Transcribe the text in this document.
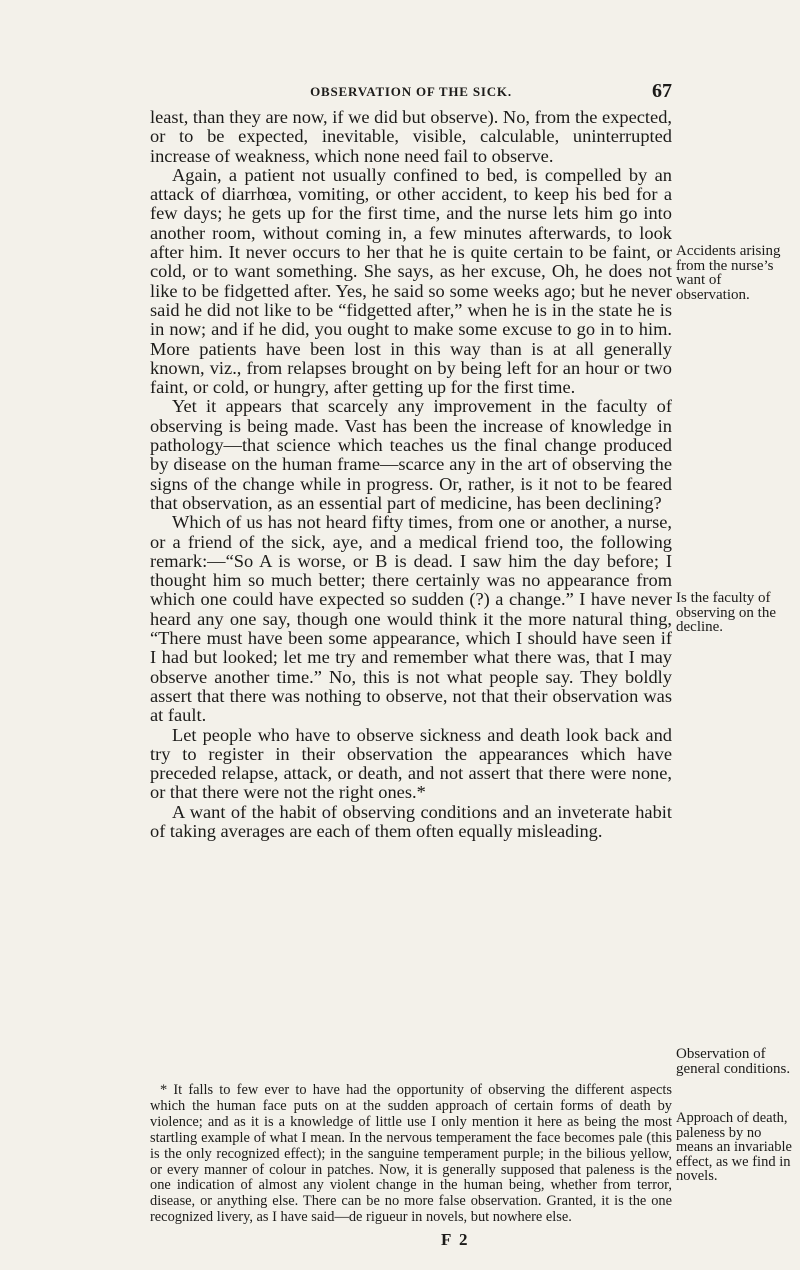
OBSERVATION OF THE SICK.	67

least, than they are now, if we did but observe). No, from the expected, or to be expected, inevitable, visible, calculable, uninterrupted increase of weakness, which none need fail to observe.

Again, a patient not usually confined to bed, is compelled by an attack of diarrhœa, vomiting, or other accident, to keep his bed for a few days; he gets up for the first time, and the nurse lets him go into another room, without coming in, a few minutes afterwards, to look after him. It never occurs to her that he is quite certain to be faint, or cold, or to want something. She says, as her excuse, Oh, he does not like to be fidgetted after. Yes, he said so some weeks ago; but he never said he did not like to be “fidgetted after,” when he is in the state he is in now; and if he did, you ought to make some excuse to go in to him. More patients have been lost in this way than is at all generally known, viz., from relapses brought on by being left for an hour or two faint, or cold, or hungry, after getting up for the first time.

Yet it appears that scarcely any improvement in the faculty of observing is being made. Vast has been the increase of knowledge in pathology—that science which teaches us the final change produced by disease on the human frame—scarce any in the art of observing the signs of the change while in progress. Or, rather, is it not to be feared that observation, as an essential part of medicine, has been declining?

Which of us has not heard fifty times, from one or another, a nurse, or a friend of the sick, aye, and a medical friend too, the following remark:—“So A is worse, or B is dead. I saw him the day before; I thought him so much better; there certainly was no appearance from which one could have expected so sudden (?) a change.” I have never heard any one say, though one would think it the more natural thing, “There must have been some appearance, which I should have seen if I had but looked; let me try and remember what there was, that I may observe another time.” No, this is not what people say. They boldly assert that there was nothing to observe, not that their observation was at fault.

Let people who have to observe sickness and death look back and try to register in their observation the appearances which have preceded relapse, attack, or death, and not assert that there were none, or that there were not the right ones.*

A want of the habit of observing conditions and an inveterate habit of taking averages are each of them often equally misleading.

Accidents arising from the nurse’s want of observation.
Is the faculty of observing on the decline.
Observation of general conditions.
Approach of death, paleness by no means an invariable effect, as we find in novels.

* It falls to few ever to have had the opportunity of observing the different aspects which the human face puts on at the sudden approach of certain forms of death by violence; and as it is a knowledge of little use I only mention it here as being the most startling example of what I mean. In the nervous temperament the face becomes pale (this is the only recognized effect); in the sanguine temperament purple; in the bilious yellow, or every manner of colour in patches. Now, it is generally supposed that paleness is the one indication of almost any violent change in the human being, whether from terror, disease, or anything else. There can be no more false observation. Granted, it is the one recognized livery, as I have said—de rigueur in novels, but nowhere else.

F 2
